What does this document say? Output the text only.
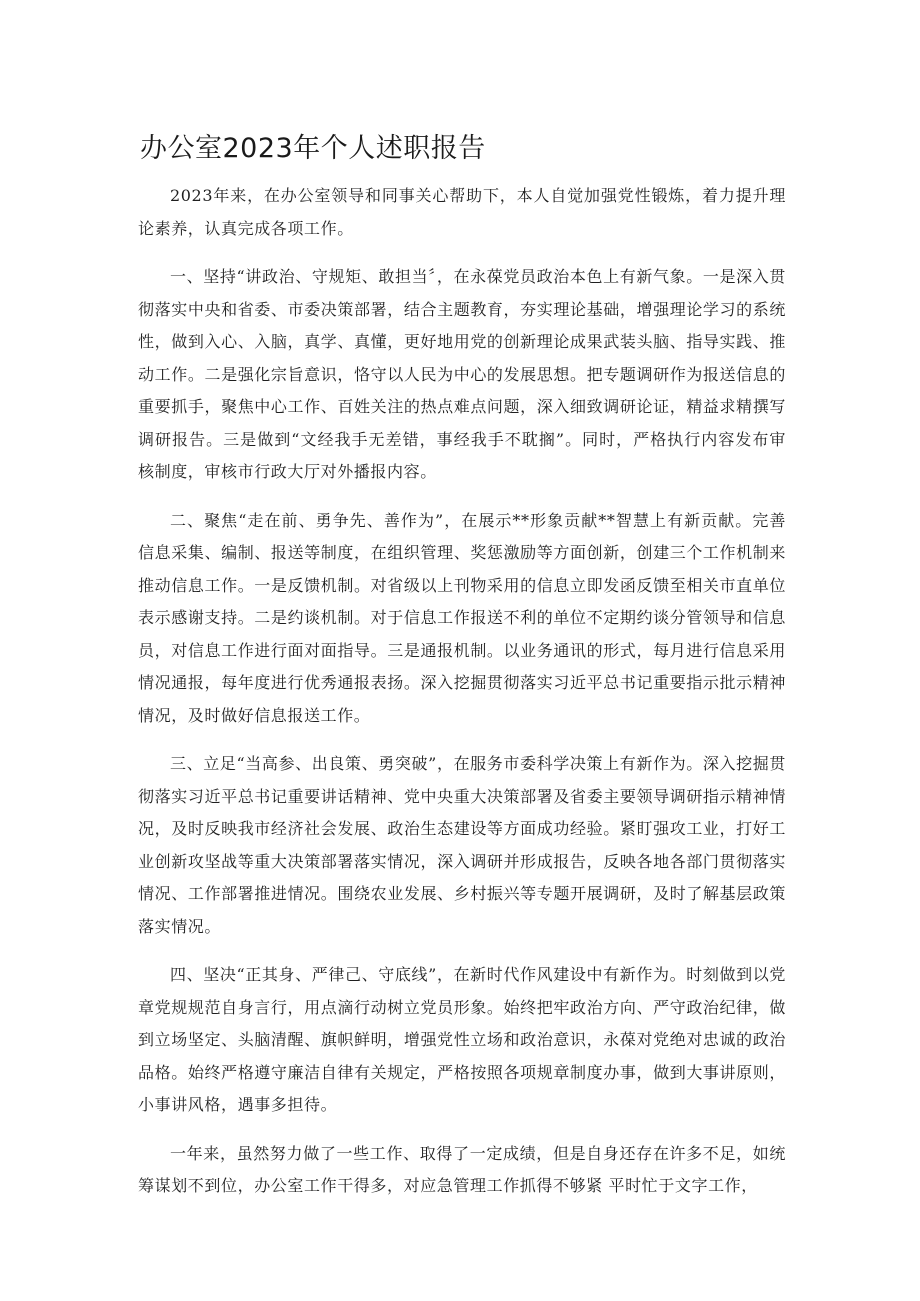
办公室2023年个人述职报告

2023年来，在办公室领导和同事关心帮助下，本人自觉加强党性锻炼，着力提升理论素养，认真完成各项工作。

一、坚持“讲政治、守规矩、敢担当〞，在永葆党员政治本色上有新气象。一是深入贯彻落实中央和省委、市委决策部署，结合主题教育，夯实理论基础，增强理论学习的系统性，做到入心、入脑，真学、真懂，更好地用党的创新理论成果武装头脑、指导实践、推动工作。二是强化宗旨意识，恪守以人民为中心的发展思想。把专题调研作为报送信息的重要抓手，聚焦中心工作、百姓关注的热点难点问题，深入细致调研论证，精益求精撰写调研报告。三是做到“文经我手无差错，事经我手不耽搁”。同时，严格执行内容发布审核制度，审核市行政大厅对外播报内容。

二、聚焦“走在前、勇争先、善作为”，在展示**形象贡献**智慧上有新贡献。完善信息采集、编制、报送等制度，在组织管理、奖惩激励等方面创新，创建三个工作机制来推动信息工作。一是反馈机制。对省级以上刊物采用的信息立即发函反馈至相关市直单位表示感谢支持。二是约谈机制。对于信息工作报送不利的单位不定期约谈分管领导和信息员，对信息工作进行面对面指导。三是通报机制。以业务通讯的形式，每月进行信息采用情况通报，每年度进行优秀通报表扬。深入挖掘贯彻落实习近平总书记重要指示批示精神情况，及时做好信息报送工作。

三、立足“当高参、出良策、勇突破”，在服务市委科学决策上有新作为。深入挖掘贯彻落实习近平总书记重要讲话精神、党中央重大决策部署及省委主要领导调研指示精神情况，及时反映我市经济社会发展、政治生态建设等方面成功经验。紧盯强攻工业，打好工业创新攻坚战等重大决策部署落实情况，深入调研并形成报告，反映各地各部门贯彻落实情况、工作部署推进情况。围绕农业发展、乡村振兴等专题开展调研，及时了解基层政策落实情况。

四、坚决“正其身、严律己、守底线”，在新时代作风建设中有新作为。时刻做到以党章党规规范自身言行，用点滴行动树立党员形象。始终把牢政治方向、严守政治纪律，做到立场坚定、头脑清醒、旗帜鲜明，增强党性立场和政治意识，永葆对党绝对忠诚的政治品格。始终严格遵守廉洁自律有关规定，严格按照各项规章制度办事，做到大事讲原则，小事讲风格，遇事多担待。

一年来，虽然努力做了一些工作、取得了一定成绩，但是自身还存在许多不足，如统筹谋划不到位，办公室工作干得多，对应急管理工作抓得不够紧 平时忙于文字工作，
